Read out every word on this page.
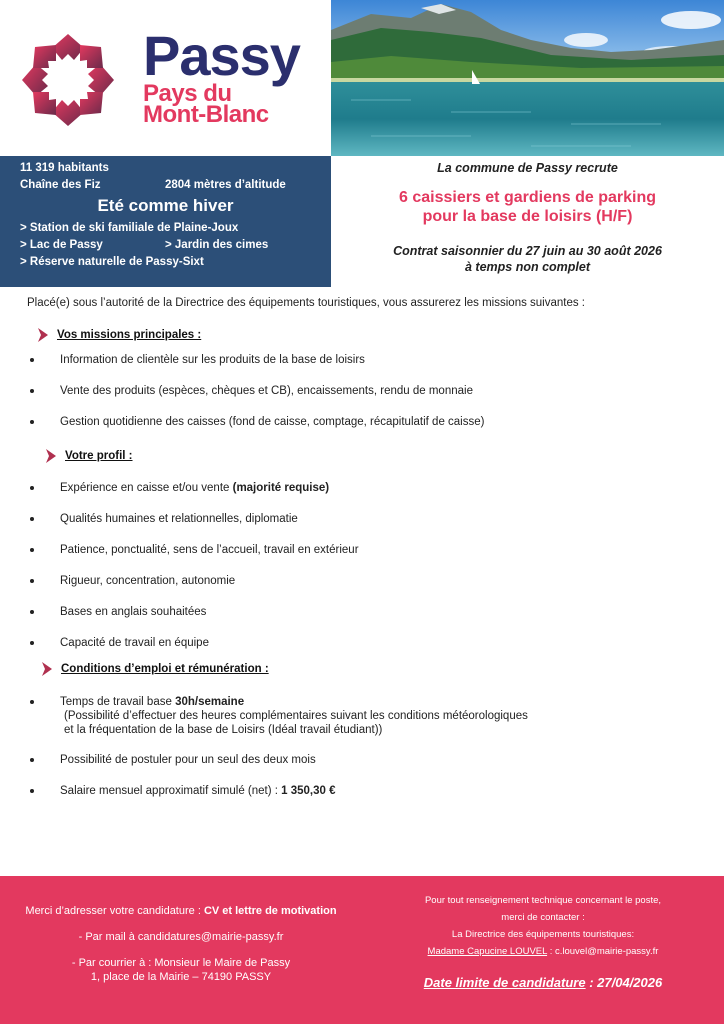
Passy
Pays du
Mont-Blanc
11 319 habitants
Chaîne des Fiz	2804 mètres d’altitude
Eté comme hiver
> Station de ski familiale de Plaine-Joux
> Lac de Passy	> Jardin des cimes
> Réserve naturelle de Passy-Sixt
La commune de Passy recrute
6 caissiers et gardiens de parking
pour la base de loisirs (H/F)
Contrat saisonnier du 27 juin au 30 août 2026
à temps non complet
Placé(e) sous l’autorité de la Directrice des équipements touristiques, vous assurerez les missions suivantes :
Vos missions principales :
Information de clientèle sur les produits de la base de loisirs
Vente des produits (espèces, chèques et CB), encaissements, rendu de monnaie
Gestion quotidienne des caisses (fond de caisse, comptage, récapitulatif de caisse)
Votre profil :
Expérience en caisse et/ou vente (majorité requise)
Qualités humaines et relationnelles, diplomatie
Patience, ponctualité, sens de l’accueil, travail en extérieur
Rigueur, concentration, autonomie
Bases en anglais souhaitées
Capacité de travail en équipe
Conditions d’emploi et rémunération :
Temps de travail base 30h/semaine
(Possibilité d’effectuer des heures complémentaires suivant les conditions météorologiques
et la fréquentation de la base de Loisirs (Idéal travail étudiant))
Possibilité de postuler pour un seul des deux mois
Salaire mensuel approximatif simulé (net) : 1 350,30 €
Merci d’adresser votre candidature : CV et lettre de motivation
- Par mail à candidatures@mairie-passy.fr
- Par courrier à : Monsieur le Maire de Passy
1, place de la Mairie – 74190 PASSY
Pour tout renseignement technique concernant le poste,
merci de contacter :
La Directrice des équipements touristiques:
Madame Capucine LOUVEL : c.louvel@mairie-passy.fr
Date limite de candidature : 27/04/2026
